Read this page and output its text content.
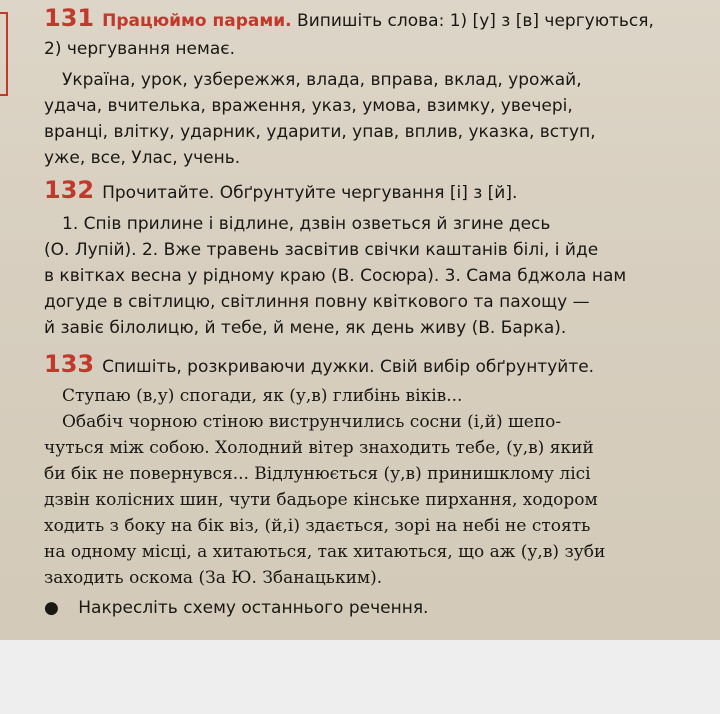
131 Працюймо парами. Випишіть слова: 1) [у] з [в] чергуються,
2) чергування немає.
Україна, урок, узбережжя, влада, вправа, вклад, урожай,
удача, вчителька, враження, указ, умова, взимку, увечері,
вранці, влітку, ударник, ударити, упав, вплив, указка, вступ,
уже, все, Улас, учень.
132 Прочитайте. Обґрунтуйте чергування [і] з [й].
1. Спів прилине і відлине, дзвін озветься й згине десь
(О. Лупій). 2. Вже травень засвітив свічки каштанів білі, і йде
в квітках весна у рідному краю (В. Сосюра). 3. Сама бджола нам
догуде в світлицю, світлиння повну квіткового та пахощу —
й завіє білолицю, й тебе, й мене, як день живу (В. Барка).
133 Спишіть, розкриваючи дужки. Свій вибір обґрунтуйте.
Ступаю (в,у) спогади, як (у,в) глибінь віків...
Обабіч чорною стіною виструнчились сосни (і,й) шепо-
чуться між собою. Холодний вітер знаходить тебе, (у,в) який
би бік не повернувся... Відлунюється (у,в) принишклому лісі
дзвін колісних шин, чути бадьоре кінське пирхання, ходором
ходить з боку на бік віз, (й,і) здається, зорі на небі не стоять
на одному місці, а хитаються, так хитаються, що аж (у,в) зуби
заходить оскома (За Ю. Збанацьким).
● Накресліть схему останнього речення.
